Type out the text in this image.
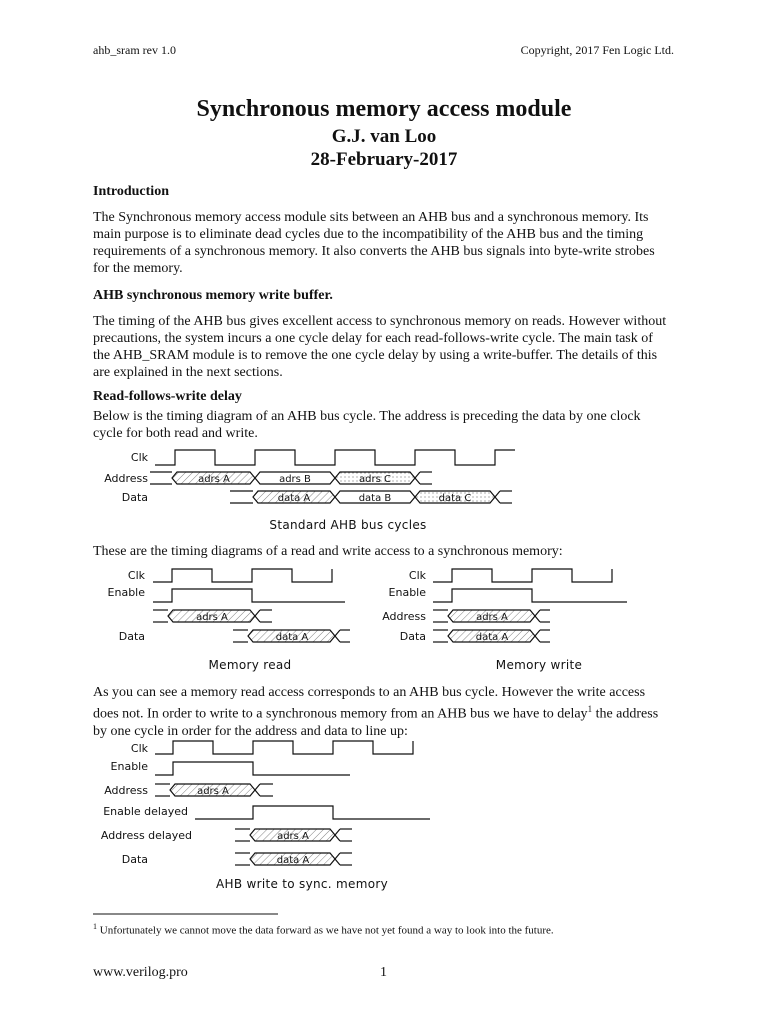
ahb_sram rev 1.0	Copyright, 2017 Fen Logic Ltd.
Synchronous memory access module
G.J. van Loo
28-February-2017
Introduction
The Synchronous memory access module sits between an AHB bus and a synchronous memory. Its
main purpose is to eliminate dead cycles due to the incompatibility of the AHB bus and the timing
requirements of a synchronous memory. It also converts the AHB bus signals into byte-write strobes
for the memory.
AHB synchronous memory write buffer.
The timing of the AHB bus gives excellent access to synchronous memory on reads. However without
precautions, the system incurs a one cycle delay for each read-follows-write cycle. The main task of
the AHB_SRAM module is to remove the one cycle delay by using a write-buffer. The details of this
are explained in the next sections.
Read-follows-write delay
Below is the timing diagram of an AHB bus cycle. The address is preceding the data by one clock
cycle for both read and write.
These are the timing diagrams of a read and write access to a synchronous memory:
As you can see a memory read access corresponds to an AHB bus cycle. However the write access
does not. In order to write to a synchronous memory from an AHB bus we have to delay$^1$ the address
by one cycle in order for the address and data to line up:
Clk
Address
Data
adrs A	adrs B	adrs C
data A	data B	data C
Standard AHB bus cycles
Clk
Enable
Data
adrs A
data A
Memory read
Clk
Enable
Address
Data
adrs A
data A
Memory write
Clk
Enable
Address
Enable delayed
Address delayed
Data
adrs A
adrs A
data A
AHB write to sync. memory
$^1$ Unfortunately we cannot move the data forward as we have not yet found a way to look into the future.
www.verilog.pro	1
